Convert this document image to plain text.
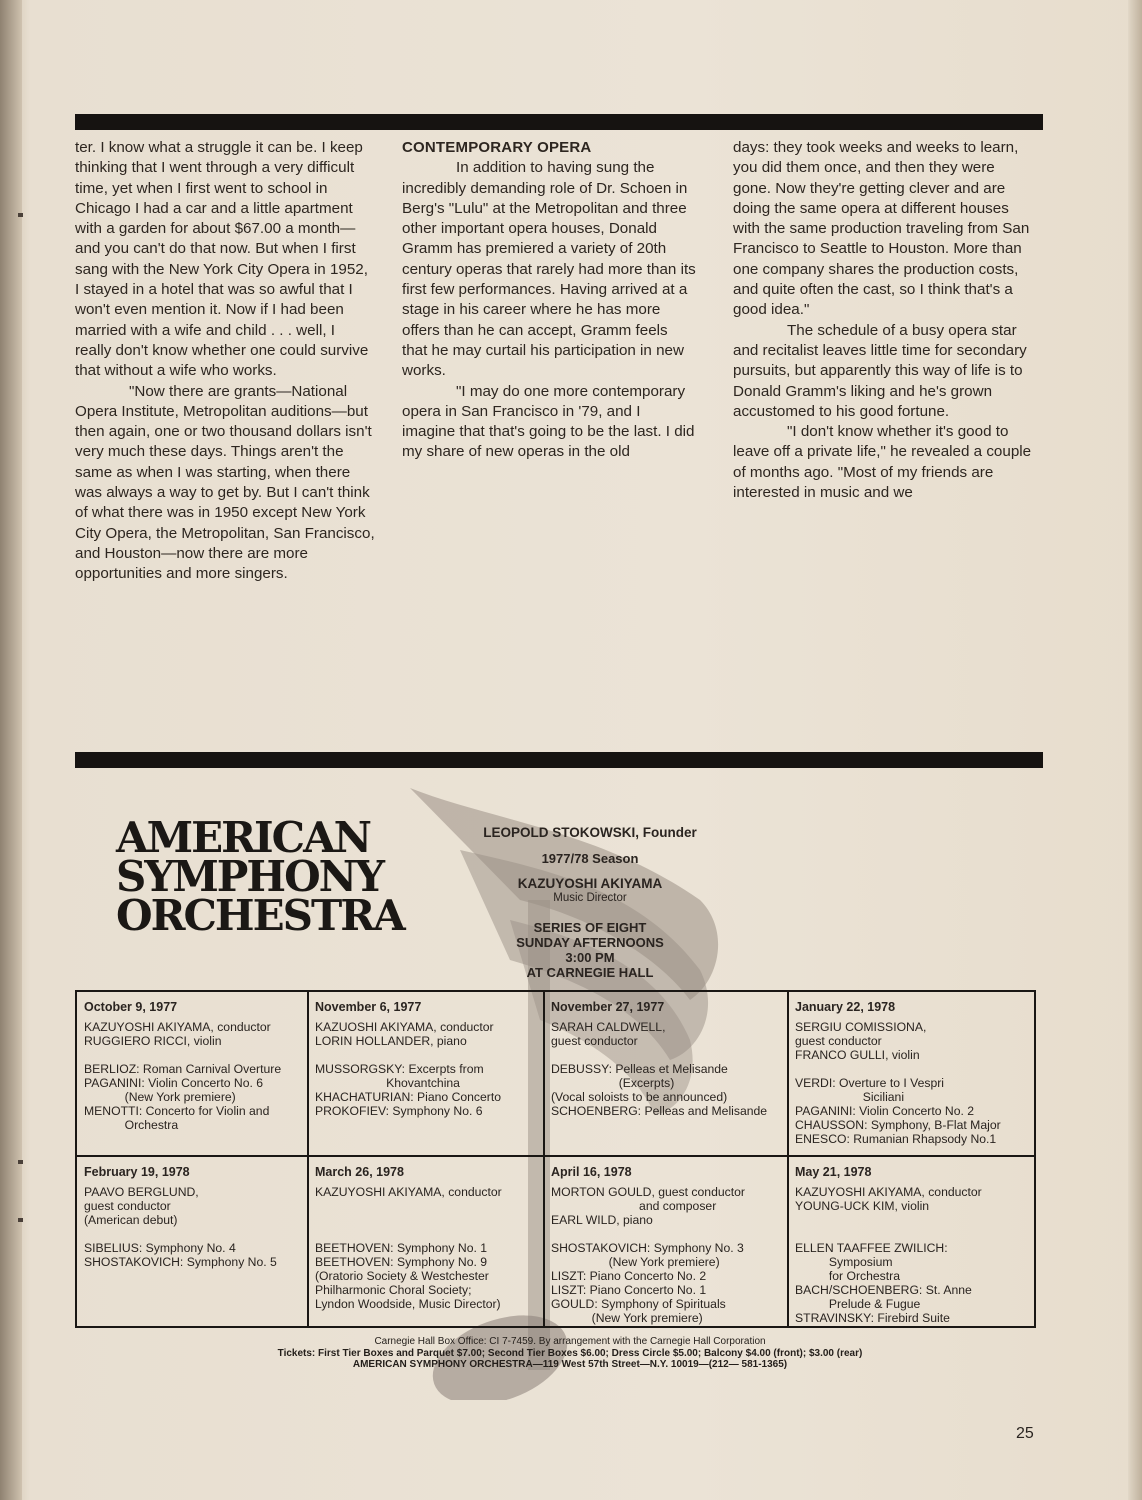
ter. I know what a struggle it can be. I keep thinking that I went through a very difficult time, yet when I first went to school in Chicago I had a car and a little apartment with a garden for about $67.00 a month—and you can't do that now. But when I first sang with the New York City Opera in 1952, I stayed in a hotel that was so awful that I won't even mention it. Now if I had been married with a wife and child . . . well, I really don't know whether one could survive that without a wife who works.

"Now there are grants—National Opera Institute, Metropolitan auditions—but then again, one or two thousand dollars isn't very much these days. Things aren't the same as when I was starting, when there was always a way to get by. But I can't think of what there was in 1950 except New York City Opera, the Metropolitan, San Francisco, and Houston—now there are more opportunities and more singers.

CONTEMPORARY OPERA

In addition to having sung the incredibly demanding role of Dr. Schoen in Berg's "Lulu" at the Metropolitan and three other important opera houses, Donald Gramm has premiered a variety of 20th century operas that rarely had more than its first few performances. Having arrived at a stage in his career where he has more offers than he can accept, Gramm feels that he may curtail his participation in new works.

"I may do one more contemporary opera in San Francisco in '79, and I imagine that that's going to be the last. I did my share of new operas in the old

days: they took weeks and weeks to learn, you did them once, and then they were gone. Now they're getting clever and are doing the same opera at different houses with the same production traveling from San Francisco to Seattle to Houston. More than one company shares the production costs, and quite often the cast, so I think that's a good idea."

The schedule of a busy opera star and recitalist leaves little time for secondary pursuits, but apparently this way of life is to Donald Gramm's liking and he's grown accustomed to his good fortune.

"I don't know whether it's good to leave off a private life," he revealed a couple of months ago. "Most of my friends are interested in music and we

AMERICAN
SYMPHONY
ORCHESTRA
LEOPOLD STOKOWSKI, Founder
1977/78 Season
KAZUYOSHI AKIYAMA
Music Director
SERIES OF EIGHT
SUNDAY AFTERNOONS
3:00 PM
AT CARNEGIE HALL
October 9, 1977
KAZUYOSHI AKIYAMA, conductor
RUGGIERO RICCI, violin
BERLIOZ: Roman Carnival Overture
PAGANINI: Violin Concerto No. 6
(New York premiere)
MENOTTI: Concerto for Violin and
Orchestra
November 6, 1977
KAZUOSHI AKIYAMA, conductor
LORIN HOLLANDER, piano
MUSSORGSKY: Excerpts from
Khovantchina
KHACHATURIAN: Piano Concerto
PROKOFIEV: Symphony No. 6
November 27, 1977
SARAH CALDWELL,
guest conductor
DEBUSSY: Pelleas et Melisande
(Excerpts)
(Vocal soloists to be announced)
SCHOENBERG: Pelleas and Melisande
January 22, 1978
SERGIU COMISSIONA,
guest conductor
FRANCO GULLI, violin
VERDI: Overture to I Vespri
Siciliani
PAGANINI: Violin Concerto No. 2
CHAUSSON: Symphony, B-Flat Major
ENESCO: Rumanian Rhapsody No.1
February 19, 1978
PAAVO BERGLUND,
guest conductor
(American debut)
SIBELIUS: Symphony No. 4
SHOSTAKOVICH: Symphony No. 5
March 26, 1978
KAZUYOSHI AKIYAMA, conductor
BEETHOVEN: Symphony No. 1
BEETHOVEN: Symphony No. 9
(Oratorio Society & Westchester
Philharmonic Choral Society;
Lyndon Woodside, Music Director)
April 16, 1978
MORTON GOULD, guest conductor
and composer
EARL WILD, piano
SHOSTAKOVICH: Symphony No. 3
(New York premiere)
LISZT: Piano Concerto No. 2
LISZT: Piano Concerto No. 1
GOULD: Symphony of Spirituals
(New York premiere)
May 21, 1978
KAZUYOSHI AKIYAMA, conductor
YOUNG-UCK KIM, violin
ELLEN TAAFFEE ZWILICH:
Symposium
for Orchestra
BACH/SCHOENBERG: St. Anne
Prelude & Fugue
STRAVINSKY: Firebird Suite
Carnegie Hall Box Office: CI 7-7459. By arrangement with the Carnegie Hall Corporation
Tickets: First Tier Boxes and Parquet $7.00; Second Tier Boxes $6.00; Dress Circle $5.00; Balcony $4.00 (front); $3.00 (rear)
AMERICAN SYMPHONY ORCHESTRA—119 West 57th Street—N.Y. 10019—(212— 581-1365)
25
